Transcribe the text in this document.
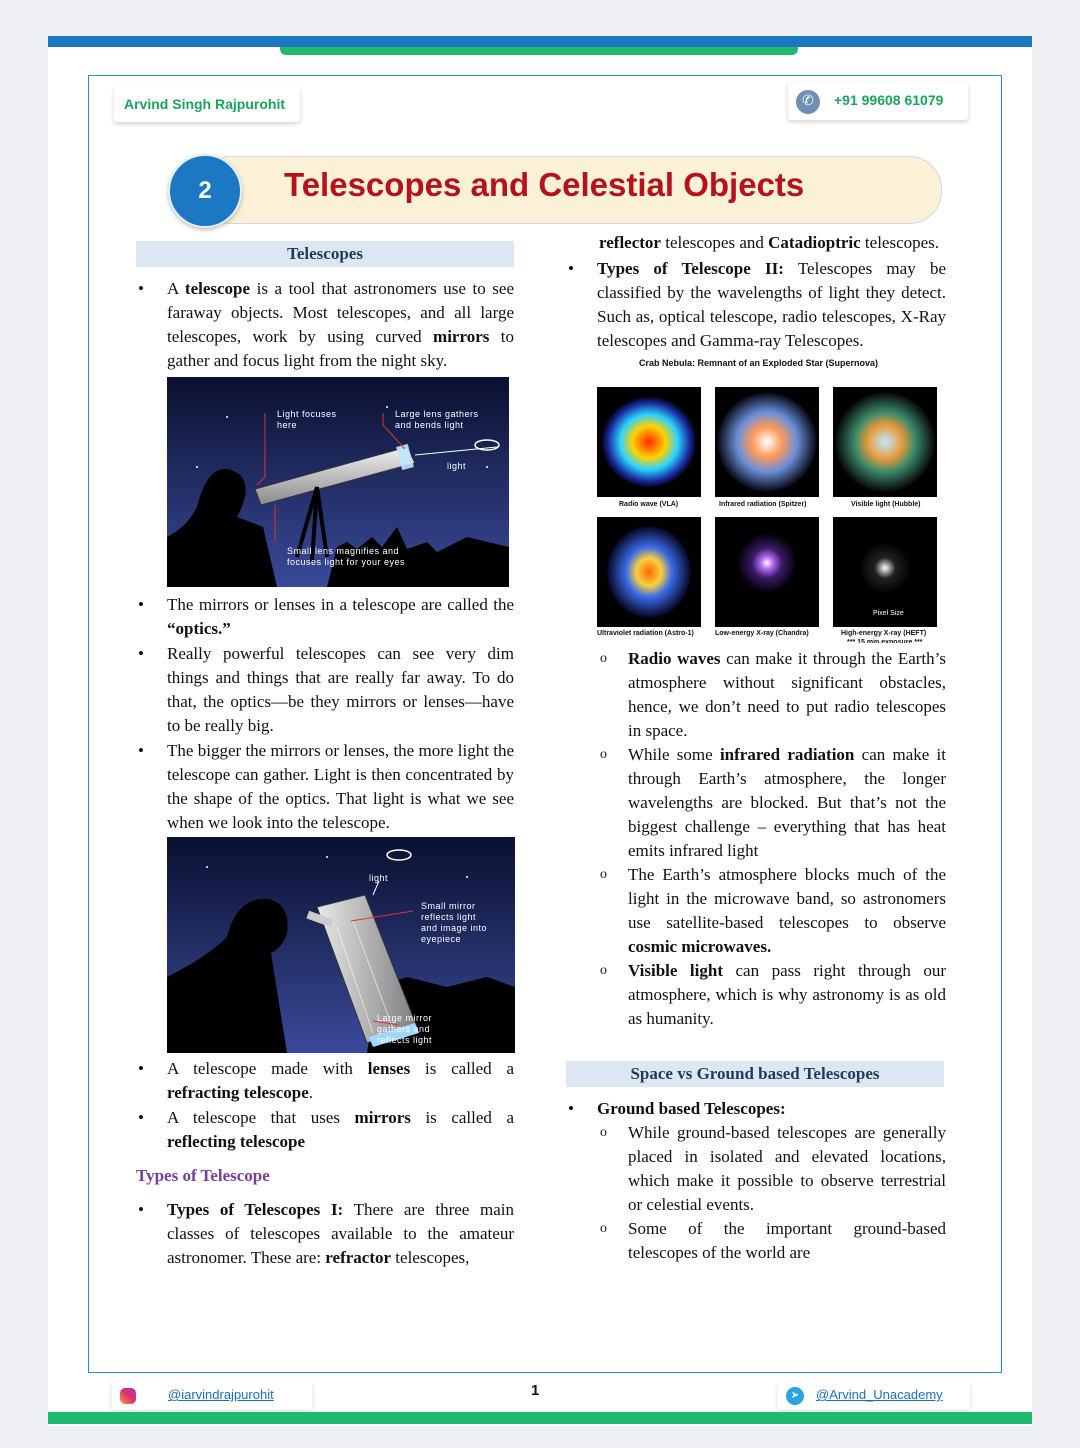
Arvind Singh Rajpurohit	✆	+91 99608 61079
2	Telescopes and Celestial Objects
Telescopes
• A telescope is a tool that astronomers use to see faraway objects. Most telescopes, and all large telescopes, work by using curved mirrors to gather and focus light from the night sky.
Light focuses
here
Large lens gathers
and bends light
light
Small lens magnifies and
focuses light for your eyes
• The mirrors or lenses in a telescope are called the “optics.”
• Really powerful telescopes can see very dim things and things that are really far away. To do that, the optics—be they mirrors or lenses—have to be really big.
• The bigger the mirrors or lenses, the more light the telescope can gather. Light is then concentrated by the shape of the optics. That light is what we see when we look into the telescope.
light
Small mirror
reflects light
and image into
eyepiece
Large mirror
gathers and
reflects light
• A telescope made with lenses is called a refracting telescope.
• A telescope that uses mirrors is called a reflecting telescope
Types of Telescope
• Types of Telescopes I: There are three main classes of telescopes available to the amateur astronomer. These are: refractor telescopes,
reflector telescopes and Catadioptric telescopes.
• Types of Telescope II: Telescopes may be classified by the wavelengths of light they detect. Such as, optical telescope, radio telescopes, X-Ray telescopes and Gamma-ray Telescopes.
Crab Nebula: Remnant of an Exploded Star (Supernova)
Radio wave (VLA)	Infrared radiation (Spitzer)	Visible light (Hubble)
Pixel Size
Ultraviolet radiation (Astro-1)	Low-energy X-ray (Chandra)	High-energy X-ray (HEFT)
*** 15 min exposure ***
o Radio waves can make it through the Earth’s atmosphere without significant obstacles, hence, we don’t need to put radio telescopes in space.
o While some infrared radiation can make it through Earth’s atmosphere, the longer wavelengths are blocked. But that’s not the biggest challenge – everything that has heat emits infrared light
o The Earth’s atmosphere blocks much of the light in the microwave band, so astronomers use satellite-based telescopes to observe cosmic microwaves.
o Visible light can pass right through our atmosphere, which is why astronomy is as old as humanity.
Space vs Ground based Telescopes
• Ground based Telescopes:
o While ground-based telescopes are generally placed in isolated and elevated locations, which make it possible to observe terrestrial or celestial events.
o Some of the important ground-based telescopes of the world are
@iarvindrajpurohit	1	➤	@Arvind_Unacademy
